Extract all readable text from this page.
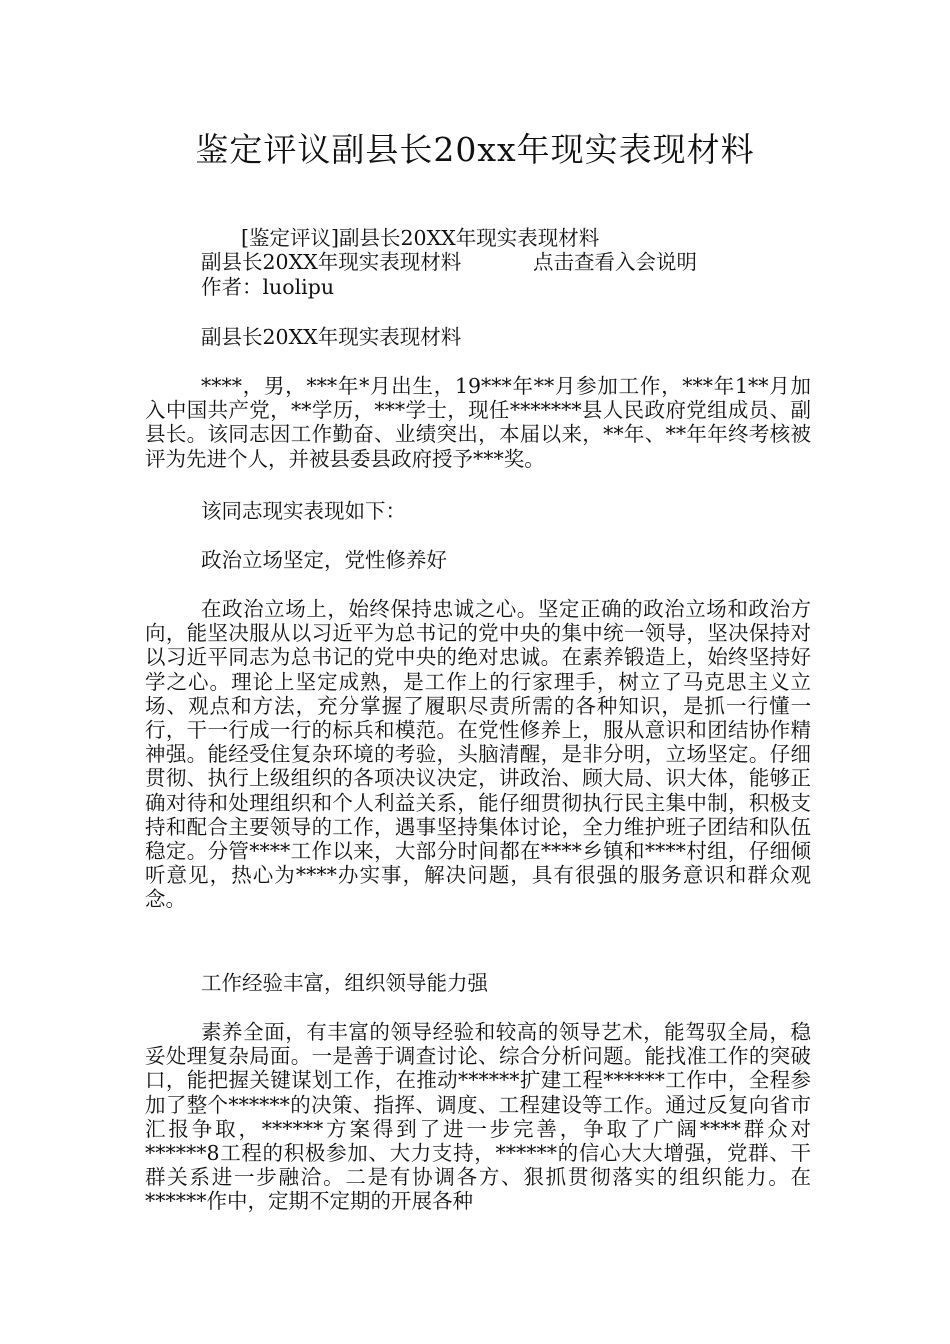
鉴定评议副县长20xx年现实表现材料
[鉴定评议]副县长20XX年现实表现材料
副县长20XX年现实表现材料	点击查看入会说明
作者：luolipu
副县长20XX年现实表现材料
****，男，***年*月出生，19***年**月参加工作，***年1**月加入中国共产党，**学历，***学士，现任*******县人民政府党组成员、副县长。该同志因工作勤奋、业绩突出，本届以来，**年、**年年终考核被评为先进个人，并被县委县政府授予***奖。
该同志现实表现如下：
政治立场坚定，党性修养好
在政治立场上，始终保持忠诚之心。坚定正确的政治立场和政治方向，能坚决服从以习近平为总书记的党中央的集中统一领导，坚决保持对以习近平同志为总书记的党中央的绝对忠诚。在素养锻造上，始终坚持好学之心。理论上坚定成熟，是工作上的行家理手，树立了马克思主义立场、观点和方法，充分掌握了履职尽责所需的各种知识，是抓一行懂一行，干一行成一行的标兵和模范。在党性修养上，服从意识和团结协作精神强。能经受住复杂环境的考验，头脑清醒，是非分明，立场坚定。仔细贯彻、执行上级组织的各项决议决定，讲政治、顾大局、识大体，能够正确对待和处理组织和个人利益关系，能仔细贯彻执行民主集中制，积极支持和配合主要领导的工作，遇事坚持集体讨论，全力维护班子团结和队伍稳定。分管****工作以来，大部分时间都在****乡镇和****村组，仔细倾听意见，热心为****办实事，解决问题，具有很强的服务意识和群众观念。
工作经验丰富，组织领导能力强
素养全面，有丰富的领导经验和较高的领导艺术，能驾驭全局，稳妥处理复杂局面。一是善于调查讨论、综合分析问题。能找准工作的突破口，能把握关键谋划工作，在推动******扩建工程******工作中，全程参加了整个******的决策、指挥、调度、工程建设等工作。通过反复向省市汇报争取，******方案得到了进一步完善，争取了广阔****群众对******8工程的积极参加、大力支持，******的信心大大增强，党群、干群关系进一步融洽。二是有协调各方、狠抓贯彻落实的组织能力。在******作中，定期不定期的开展各种
